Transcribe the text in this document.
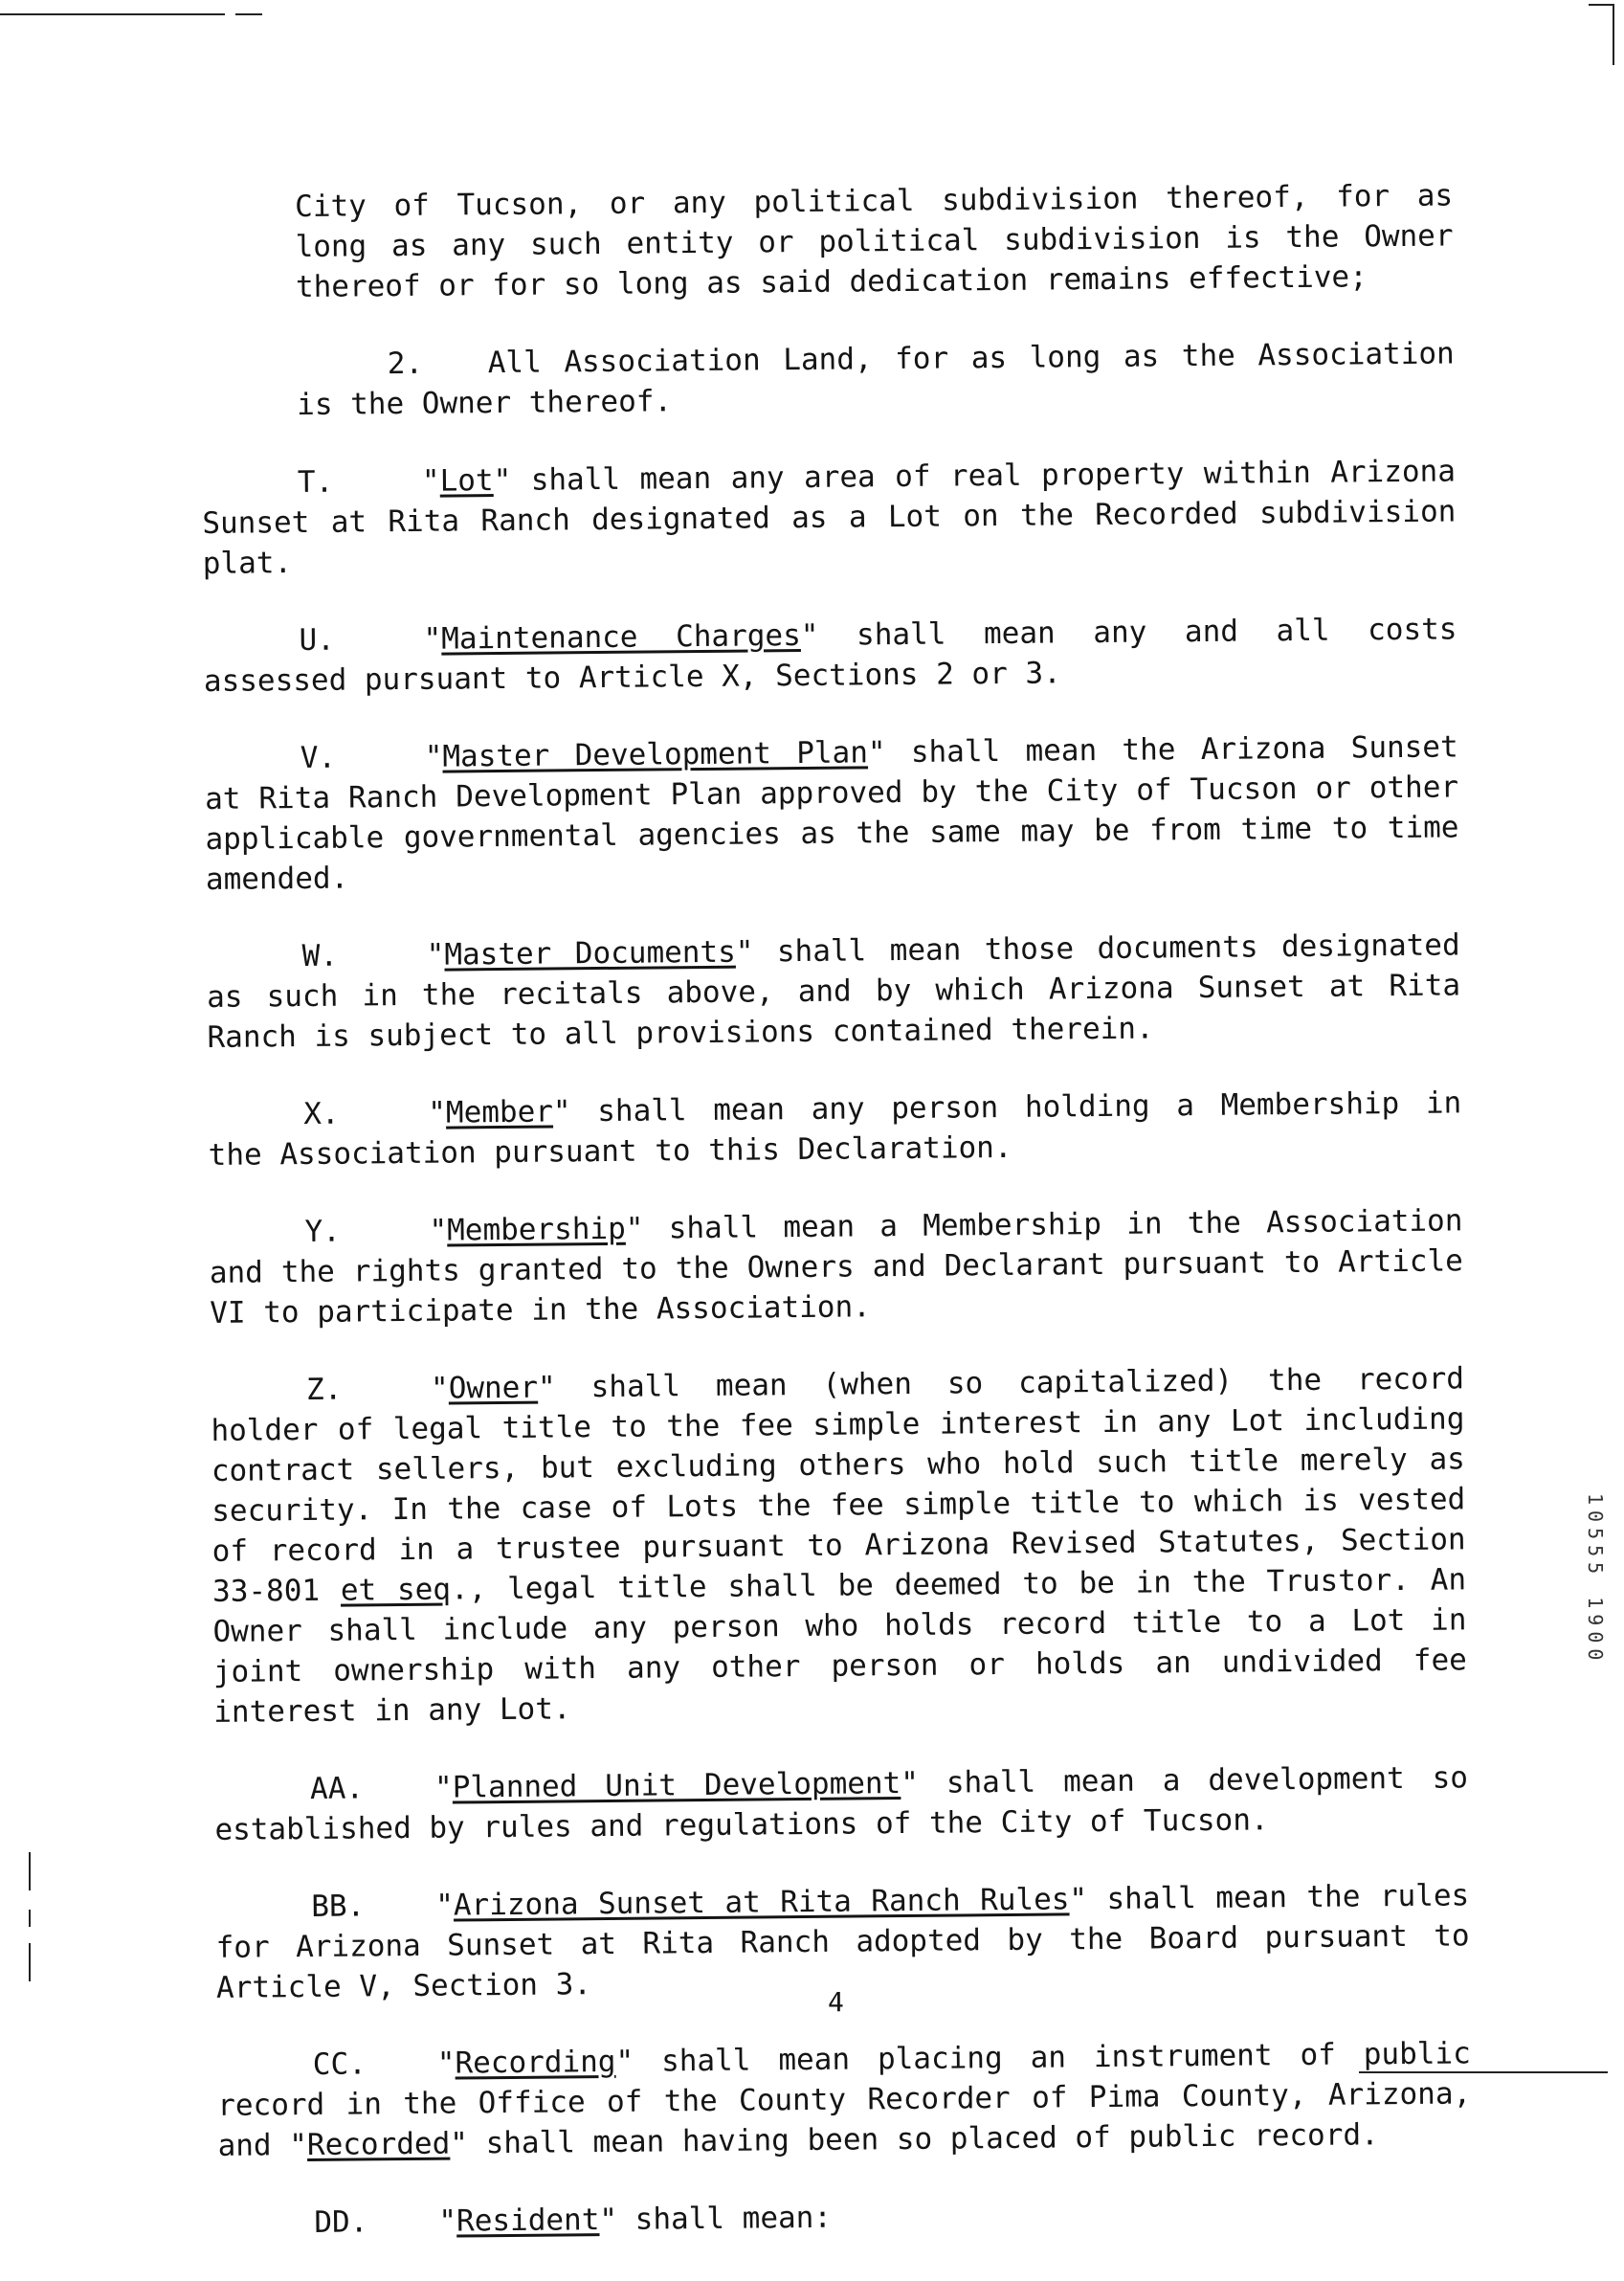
10555 1900

City of Tucson, or any political subdivision thereof, for as long as any such entity or political subdivision is the Owner thereof or for so long as said dedication remains effective;

2. All Association Land, for as long as the Association is the Owner thereof.

T.	"Lot" shall mean any area of real property within Arizona Sunset at Rita Ranch designated as a Lot on the Recorded subdivision plat.

U.	"Maintenance Charges" shall mean any and all costs assessed pursuant to Article X, Sections 2 or 3.

V.	"Master Development Plan" shall mean the Arizona Sunset at Rita Ranch Development Plan approved by the City of Tucson or other applicable governmental agencies as the same may be from time to time amended.

W.	"Master Documents" shall mean those documents designated as such in the recitals above, and by which Arizona Sunset at Rita Ranch is subject to all provisions contained therein.

X.	"Member" shall mean any person holding a Membership in the Association pursuant to this Declaration.

Y.	"Membership" shall mean a Membership in the Association and the rights granted to the Owners and Declarant pursuant to Article VI to participate in the Association.

Z.	"Owner" shall mean (when so capitalized) the record holder of legal title to the fee simple interest in any Lot including contract sellers, but excluding others who hold such title merely as security. In the case of Lots the fee simple title to which is vested of record in a trustee pursuant to Arizona Revised Statutes, Section 33-801 et seq., legal title shall be deemed to be in the Trustor. An Owner shall include any person who holds record title to a Lot in joint ownership with any other person or holds an undivided fee interest in any Lot.

AA. "Planned Unit Development" shall mean a development so established by rules and regulations of the City of Tucson.

BB. "Arizona Sunset at Rita Ranch Rules" shall mean the rules for Arizona Sunset at Rita Ranch adopted by the Board pursuant to Article V, Section 3.

CC. "Recording" shall mean placing an instrument of public record in the Office of the County Recorder of Pima County, Arizona, and "Recorded" shall mean having been so placed of public record.

DD. "Resident" shall mean:

4
